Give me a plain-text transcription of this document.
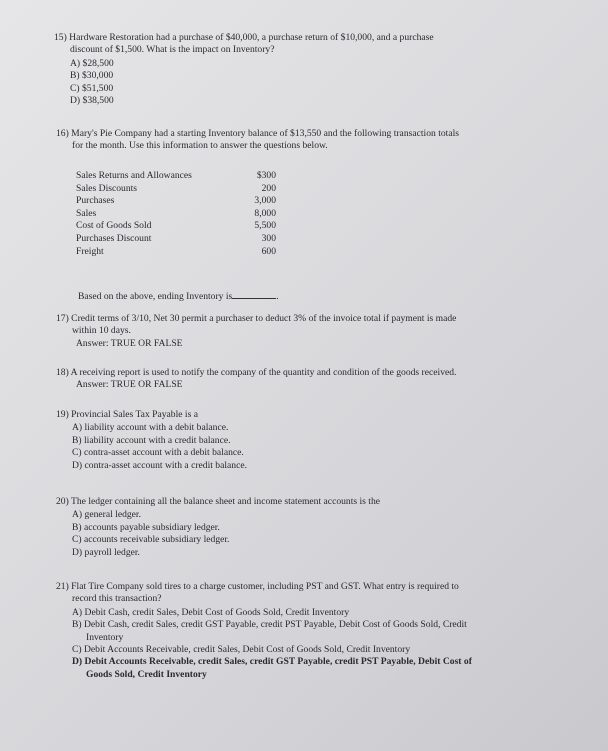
15) Hardware Restoration had a purchase of $40,000, a purchase return of $10,000, and a purchase
discount of $1,500. What is the impact on Inventory?
A) $28,500
B) $30,000
C) $51,500
D) $38,500
16) Mary's Pie Company had a starting Inventory balance of $13,550 and the following transaction totals
for the month. Use this information to answer the questions below.
Sales Returns and Allowances	$300
Sales Discounts	200
Purchases	3,000
Sales	8,000
Cost of Goods Sold	5,500
Purchases Discount	300
Freight	600
Based on the above, ending Inventory is	.
17) Credit terms of 3/10, Net 30 permit a purchaser to deduct 3% of the invoice total if payment is made
within 10 days.
Answer: TRUE OR FALSE
18) A receiving report is used to notify the company of the quantity and condition of the goods received.
Answer: TRUE OR FALSE
19) Provincial Sales Tax Payable is a
A) liability account with a debit balance.
B) liability account with a credit balance.
C) contra-asset account with a debit balance.
D) contra-asset account with a credit balance.
20) The ledger containing all the balance sheet and income statement accounts is the
A) general ledger.
B) accounts payable subsidiary ledger.
C) accounts receivable subsidiary ledger.
D) payroll ledger.
21) Flat Tire Company sold tires to a charge customer, including PST and GST. What entry is required to
record this transaction?
A) Debit Cash, credit Sales, Debit Cost of Goods Sold, Credit Inventory
B) Debit Cash, credit Sales, credit GST Payable, credit PST Payable, Debit Cost of Goods Sold, Credit
Inventory
C) Debit Accounts Receivable, credit Sales, Debit Cost of Goods Sold, Credit Inventory
D) Debit Accounts Receivable, credit Sales, credit GST Payable, credit PST Payable, Debit Cost of
Goods Sold, Credit Inventory
